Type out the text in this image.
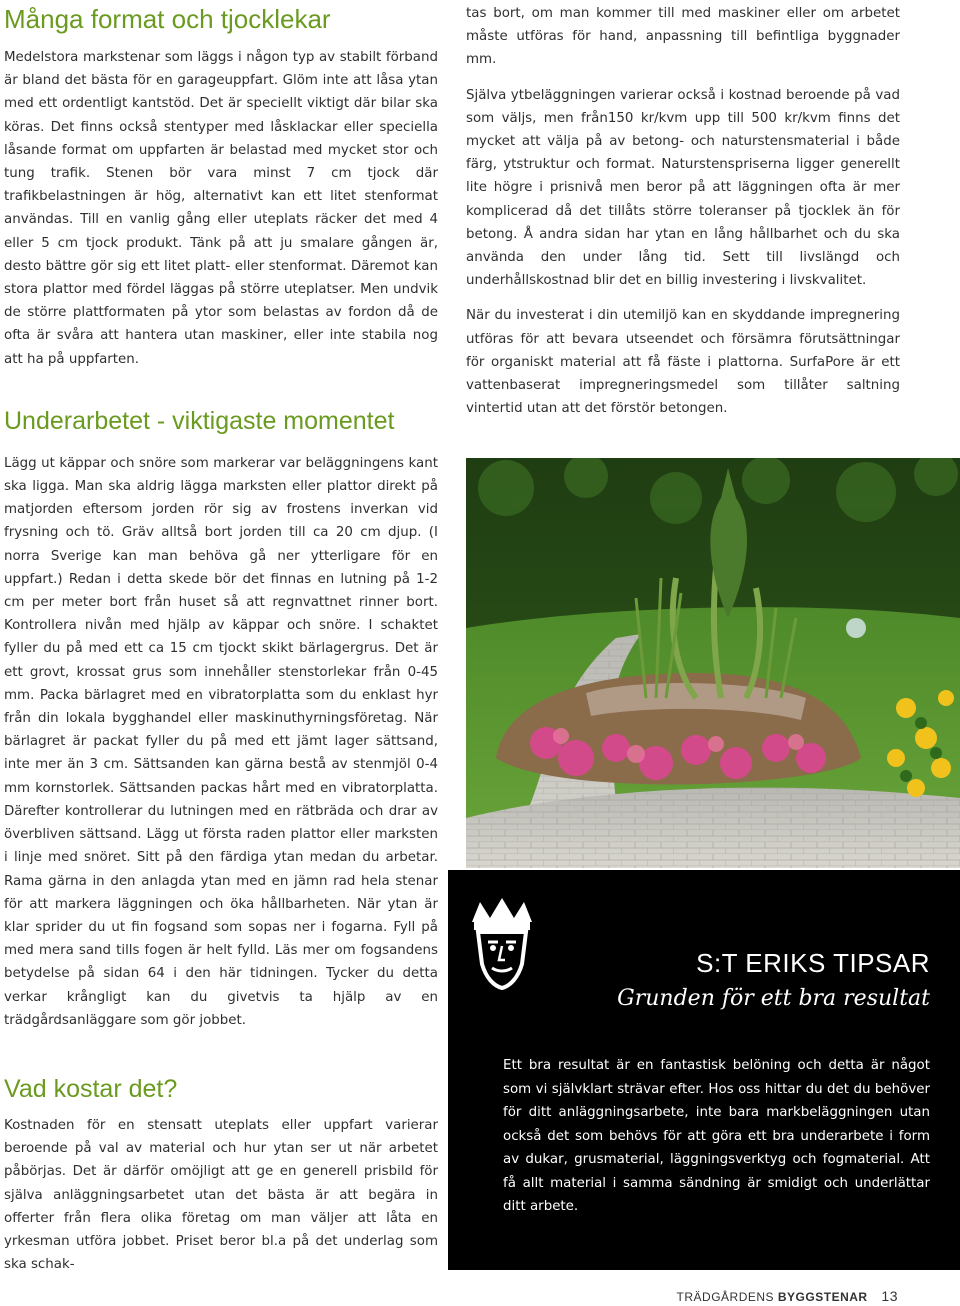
Många format och tjocklekar

Medelstora markstenar som läggs i någon typ av stabilt förband är bland det bästa för en garageuppfart. Glöm inte att låsa ytan med ett ordentligt kantstöd. Det är speciellt viktigt där bilar ska köras. Det finns också stentyper med låsklackar eller speciella låsande format om uppfarten är belastad med mycket stor och tung trafik. Stenen bör vara minst 7 cm tjock där trafikbelastningen är hög, alternativt kan ett litet stenformat användas. Till en vanlig gång eller uteplats räcker det med 4 eller 5 cm tjock produkt. Tänk på att ju smalare gången är, desto bättre gör sig ett litet platt- eller stenformat. Däremot kan stora plattor med fördel läggas på större uteplatser. Men undvik de större plattformaten på ytor som belastas av fordon då de ofta är svåra att hantera utan maskiner, eller inte stabila nog att ha på uppfarten.

Underarbetet - viktigaste momentet

Lägg ut käppar och snöre som markerar var beläggningens kant ska ligga. Man ska aldrig lägga marksten eller plattor direkt på matjorden eftersom jorden rör sig av frostens inverkan vid frysning och tö. Gräv alltså bort jorden till ca 20 cm djup. (I norra Sverige kan man behöva gå ner ytterligare för en uppfart.) Redan i detta skede bör det finnas en lutning på 1-2 cm per meter bort från huset så att regnvattnet rinner bort. Kontrollera nivån med hjälp av käppar och snöre. I schaktet fyller du på med ett ca 15 cm tjockt skikt bärlagergrus. Det är ett grovt, krossat grus som innehåller stenstorlekar från 0-45 mm. Packa bärlagret med en vibratorplatta som du enklast hyr från din lokala bygghandel eller maskinuthyrningsföretag. När bärlagret är packat fyller du på med ett jämt lager sättsand, inte mer än 3 cm. Sättsanden kan gärna bestå av stenmjöl 0-4 mm kornstorlek. Sättsanden packas hårt med en vibratorplatta. Därefter kontrollerar du lutningen med en rätbräda och drar av överbliven sättsand. Lägg ut första raden plattor eller marksten i linje med snöret. Sitt på den färdiga ytan medan du arbetar. Rama gärna in den anlagda ytan med en jämn rad hela stenar för att markera läggningen och öka hållbarheten. När ytan är klar sprider du ut fin fogsand som sopas ner i fogarna. Fyll på med mera sand tills fogen är helt fylld. Läs mer om fogsandens betydelse på sidan 64 i den här tidningen. Tycker du detta verkar krångligt kan du givetvis ta hjälp av en trädgårdsanläggare som gör jobbet.

Vad kostar det?

Kostnaden för en stensatt uteplats eller uppfart varierar beroende på val av material och hur ytan ser ut när arbetet påbörjas. Det är därför omöjligt att ge en generell prisbild för själva anläggningsarbetet utan det bästa är att begära in offerter från flera olika företag om man väljer att låta en yrkesman utföra jobbet. Priset beror bl.a på det underlag som ska schak-

tas bort, om man kommer till med maskiner eller om arbetet måste utföras för hand, anpassning till befintliga byggnader mm.

Själva ytbeläggningen varierar också i kostnad beroende på vad som väljs, men från150 kr/kvm upp till 500 kr/kvm finns det mycket att välja på av betong- och naturstensmaterial i både färg, ytstruktur och format. Naturstenspriserna ligger generellt lite högre i prisnivå men beror på att läggningen ofta är mer komplicerad då det tillåts större toleranser på tjocklek än för betong. Å andra sidan har ytan en lång hållbarhet och du ska använda den under lång tid. Sett till livslängd och underhållskostnad blir det en billig investering i livskvalitet.

När du investerat i din utemiljö kan en skyddande impregnering utföras för att bevara utseendet och försämra förutsättningar för organiskt material att få fäste i plattorna. SurfaPore är ett vattenbaserat impregneringsmedel som tillåter saltning vintertid utan att det förstör betongen.

S:T ERIKS TIPSAR
Grunden för ett bra resultat
Ett bra resultat är en fantastisk belöning och detta är något som vi självklart strävar efter. Hos oss hittar du det du behöver för ditt anläggningsarbete, inte bara markbeläggningen utan också det som behövs för att göra ett bra underarbete i form av dukar, grusmaterial, läggningsverktyg och fogmaterial. Att få allt material i samma sändning är smidigt och underlättar ditt arbete.
TRÄDGÅRDENS BYGGSTENAR 13
